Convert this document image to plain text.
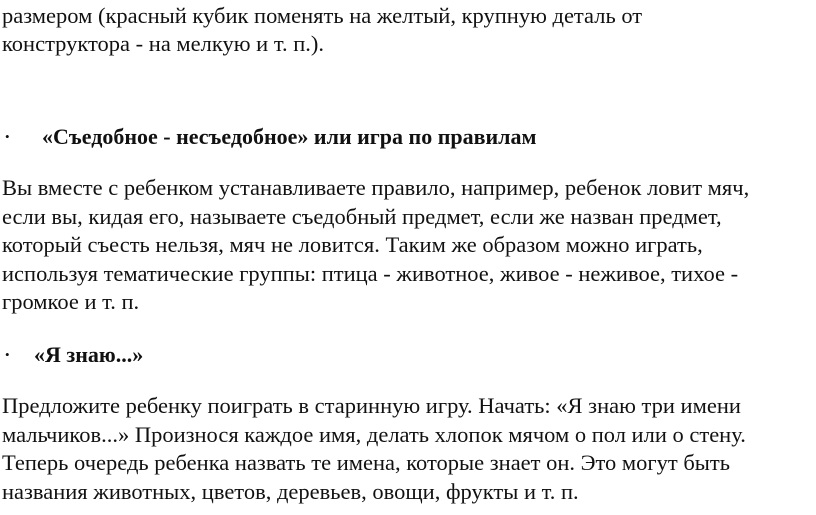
размером (красный кубик поменять на желтый, крупную деталь от
конструктора - на мелкую и т. п.).
• «Съедобное - несъедобное» или игра по правилам
Вы вместе с ребенком устанавливаете правило, например, ребенок ловит мяч,
если вы, кидая его, называете съедобный предмет, если же назван предмет,
который съесть нельзя, мяч не ловится. Таким же образом можно играть,
используя тематические группы: птица - животное, живое - неживое, тихое -
громкое и т. п.
• «Я знаю...»
Предложите ребенку поиграть в старинную игру. Начать: «Я знаю три имени
мальчиков...» Произнося каждое имя, делать хлопок мячом о пол или о стену.
Теперь очередь ребенка назвать те имена, которые знает он. Это могут быть
названия животных, цветов, деревьев, овощи, фрукты и т. п.
